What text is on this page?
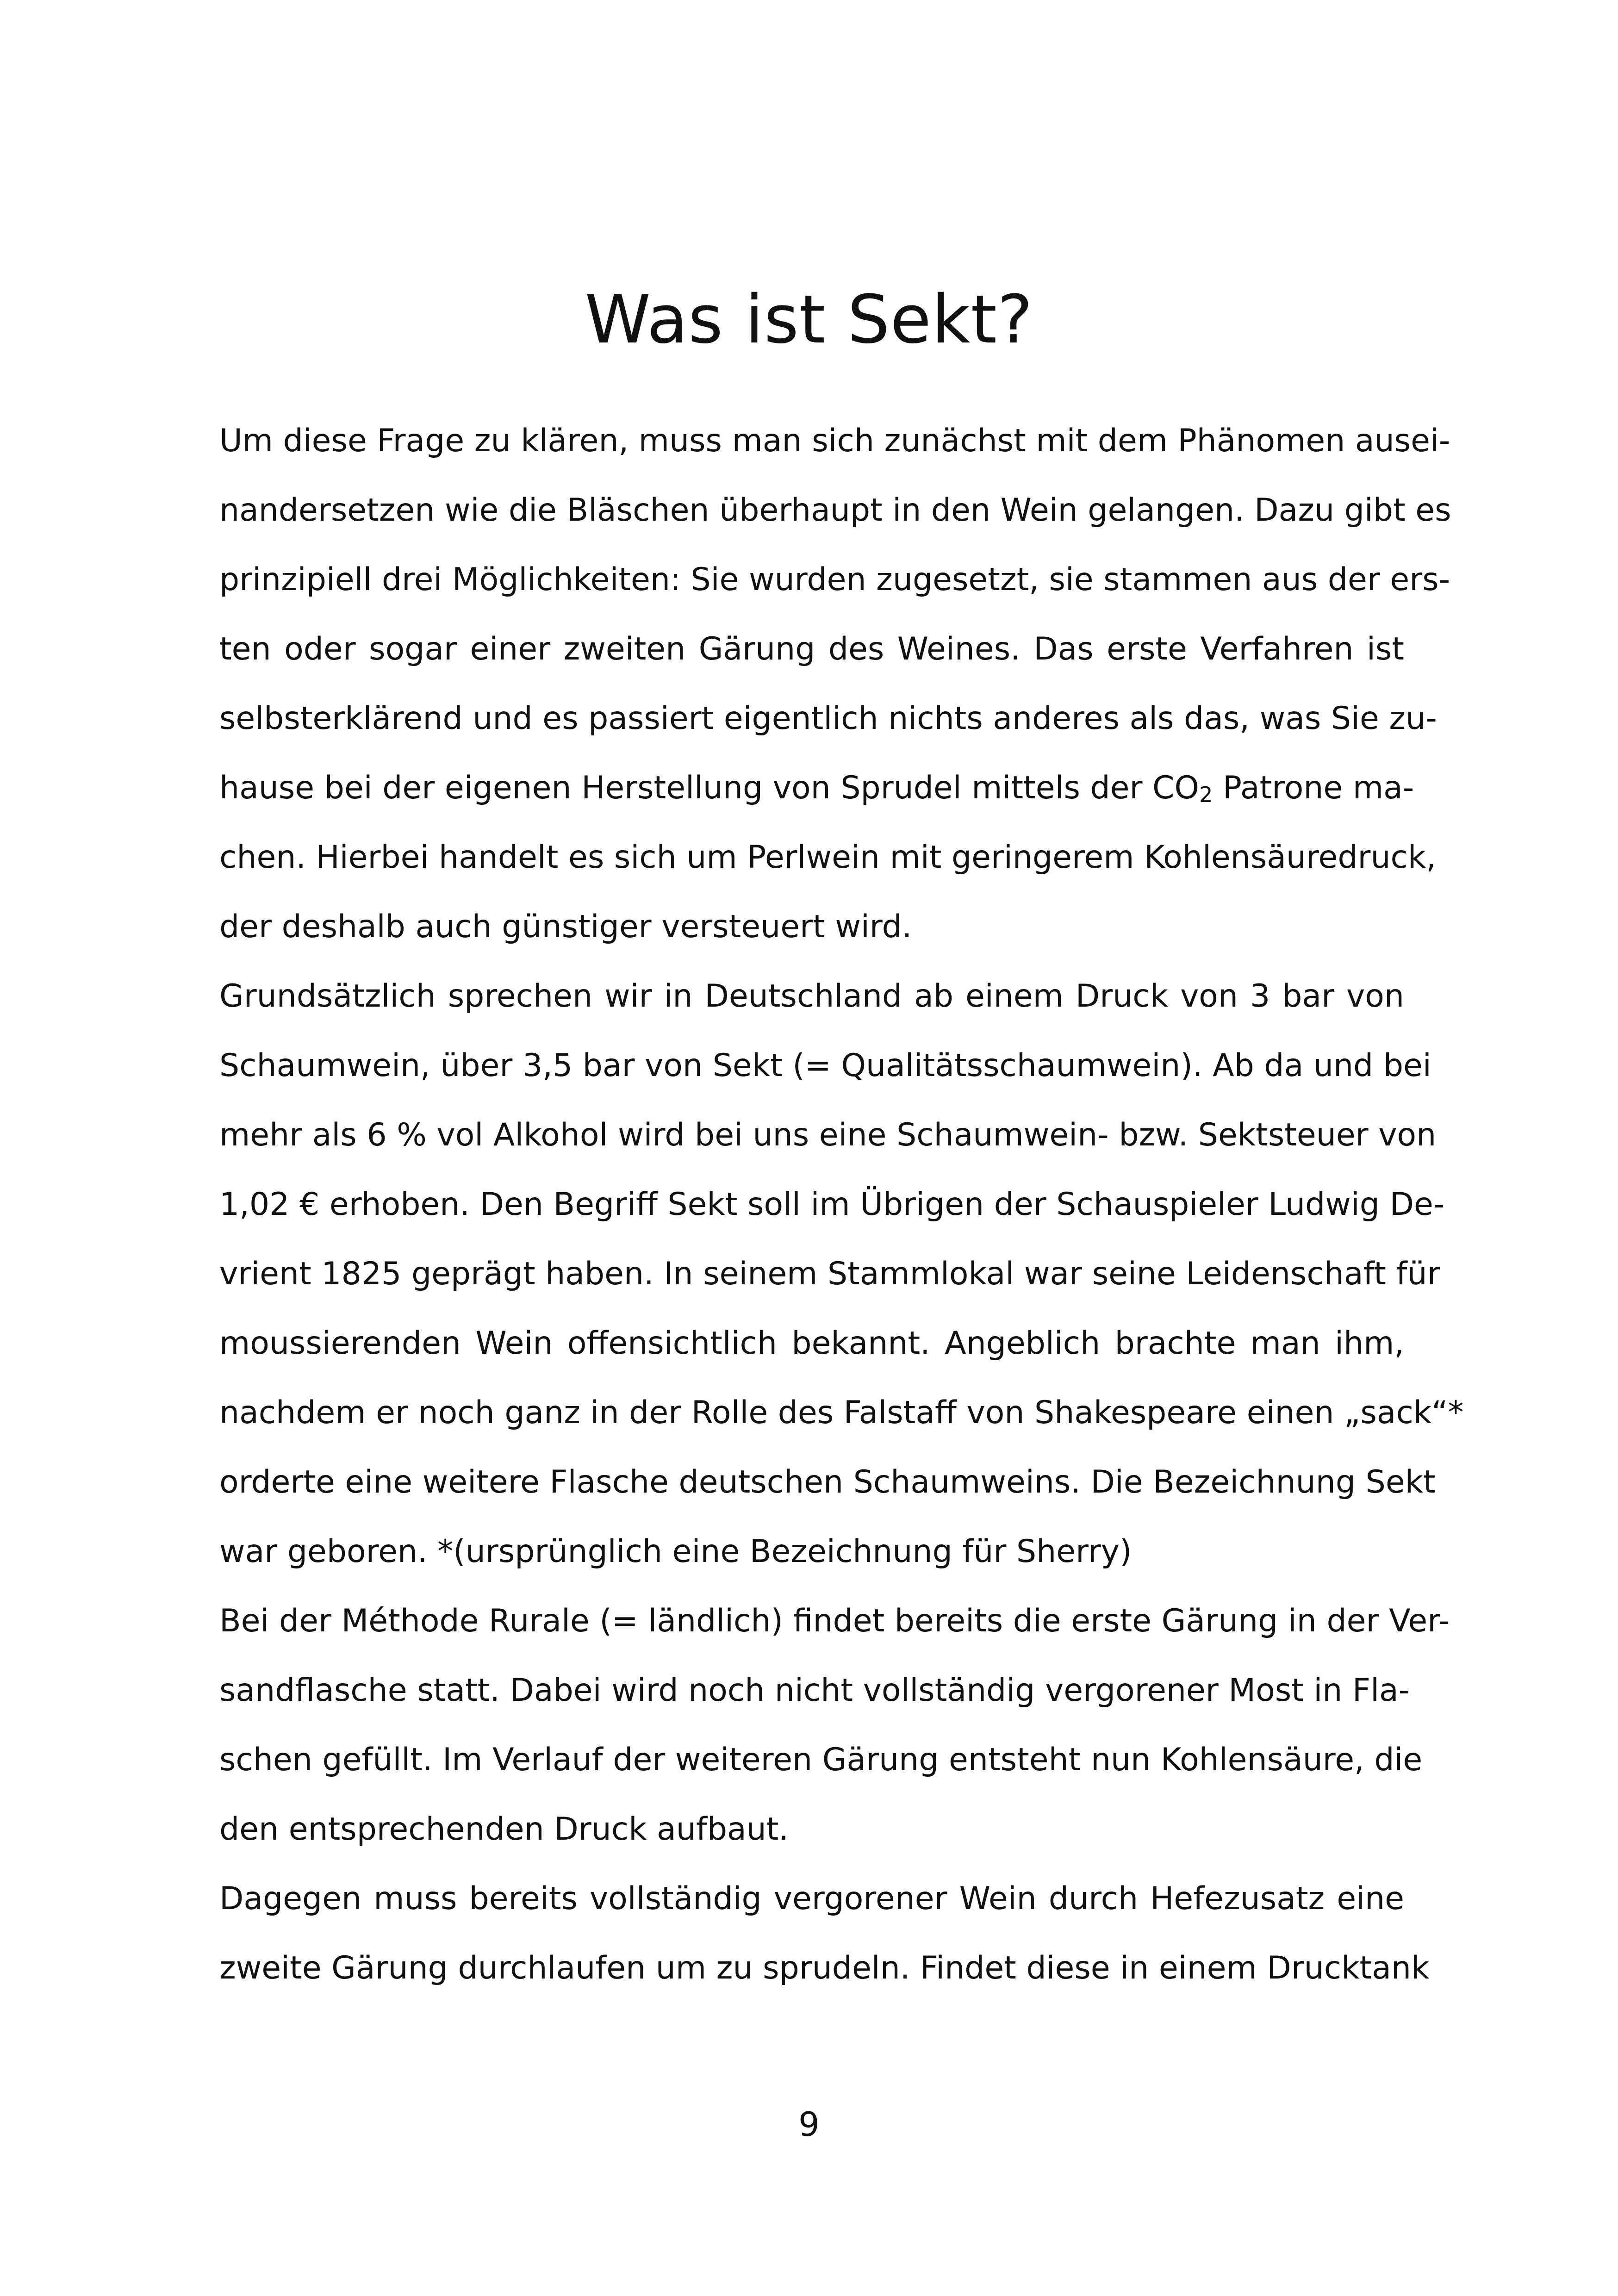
Was ist Sekt?
Um diese Frage zu klären, muss man sich zunächst mit dem Phänomen ausei-
nandersetzen wie die Bläschen überhaupt in den Wein gelangen. Dazu gibt es
prinzipiell drei Möglichkeiten: Sie wurden zugesetzt, sie stammen aus der ers-
ten oder sogar einer zweiten Gärung des Weines. Das erste Verfahren ist
selbsterklärend und es passiert eigentlich nichts anderes als das, was Sie zu-
hause bei der eigenen Herstellung von Sprudel mittels der $CO_2$ Patrone ma-
chen. Hierbei handelt es sich um Perlwein mit geringerem Kohlensäuredruck,
der deshalb auch günstiger versteuert wird.
Grundsätzlich sprechen wir in Deutschland ab einem Druck von 3 bar von
Schaumwein, über 3,5 bar von Sekt (= Qualitätsschaumwein). Ab da und bei
mehr als 6 % vol Alkohol wird bei uns eine Schaumwein- bzw. Sektsteuer von
1,02 € erhoben. Den Begriff Sekt soll im Übrigen der Schauspieler Ludwig De-
vrient 1825 geprägt haben. In seinem Stammlokal war seine Leidenschaft für
moussierenden Wein offensichtlich bekannt. Angeblich brachte man ihm,
nachdem er noch ganz in der Rolle des Falstaff von Shakespeare einen „sack“*
orderte eine weitere Flasche deutschen Schaumweins. Die Bezeichnung Sekt
war geboren. *(ursprünglich eine Bezeichnung für Sherry)
Bei der Méthode Rurale (= ländlich) findet bereits die erste Gärung in der Ver-
sandflasche statt. Dabei wird noch nicht vollständig vergorener Most in Fla-
schen gefüllt. Im Verlauf der weiteren Gärung entsteht nun Kohlensäure, die
den entsprechenden Druck aufbaut.
Dagegen muss bereits vollständig vergorener Wein durch Hefezusatz eine
zweite Gärung durchlaufen um zu sprudeln. Findet diese in einem Drucktank
9
